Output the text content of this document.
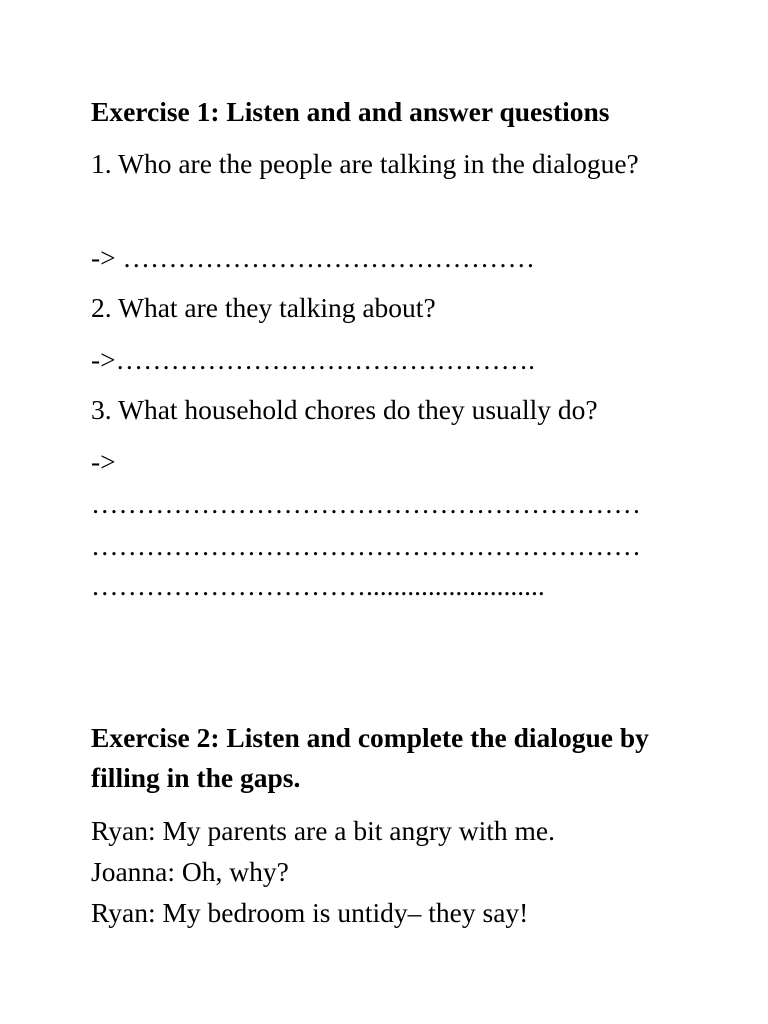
Exercise 1: Listen and and answer questions

1. Who are the people are talking in the dialogue?

-> ………………………………………

2. What are they talking about?

->……………………………………….

3. What household chores do they usually do?

->

……………………………………………………

……………………………………………………

…………………………..........................

Exercise 2: Listen and complete the dialogue by filling in the gaps.

Ryan: My parents are a bit angry with me.

Joanna: Oh, why?

Ryan: My bedroom is untidy– they say!
